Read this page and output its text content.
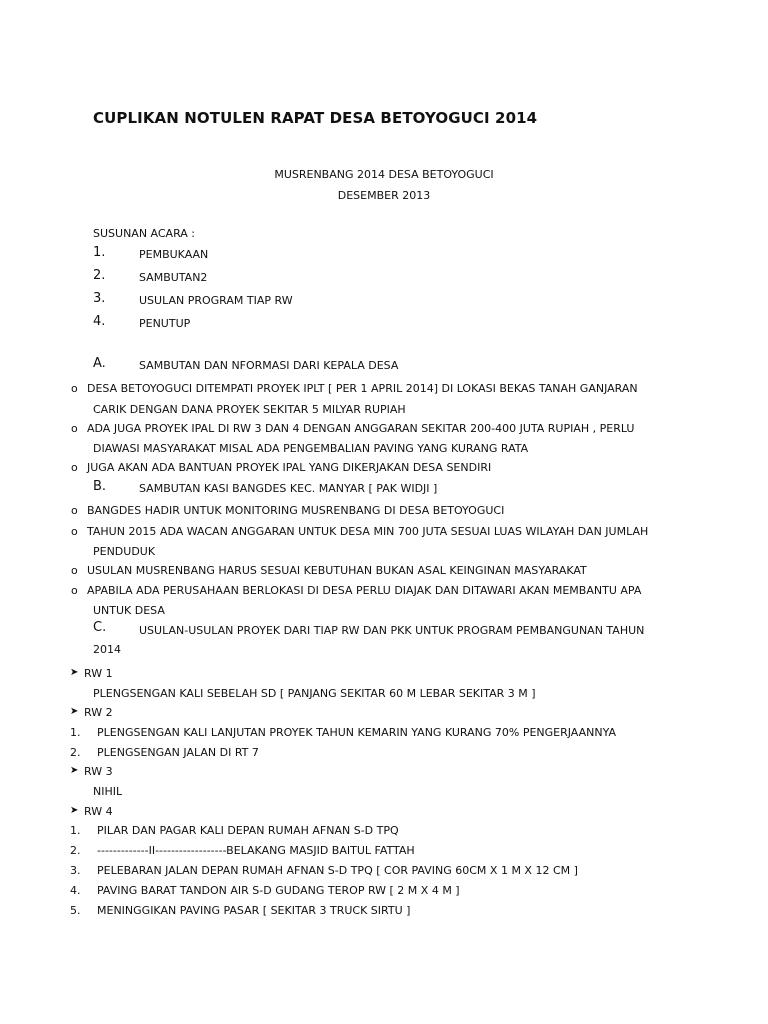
CUPLIKAN NOTULEN RAPAT DESA BETOYOGUCI 2014
MUSRENBANG 2014 DESA BETOYOGUCI
DESEMBER 2013
SUSUNAN ACARA :
1.	PEMBUKAAN
2.	SAMBUTAN2
3.	USULAN PROGRAM TIAP RW
4.	PENUTUP
A.	SAMBUTAN DAN NFORMASI DARI KEPALA DESA
o DESA BETOYOGUCI DITEMPATI PROYEK IPLT [ PER 1 APRIL 2014] DI LOKASI BEKAS TANAH GANJARAN
CARIK DENGAN DANA PROYEK SEKITAR 5 MILYAR RUPIAH
o ADA JUGA PROYEK IPAL DI RW 3 DAN 4 DENGAN ANGGARAN SEKITAR 200-400 JUTA RUPIAH , PERLU
DIAWASI MASYARAKAT MISAL ADA PENGEMBALIAN PAVING YANG KURANG RATA
o JUGA AKAN ADA BANTUAN PROYEK IPAL YANG DIKERJAKAN DESA SENDIRI
B.	SAMBUTAN KASI BANGDES KEC. MANYAR [ PAK WIDJI ]
o BANGDES HADIR UNTUK MONITORING MUSRENBANG DI DESA BETOYOGUCI
o TAHUN 2015 ADA WACAN ANGGARAN UNTUK DESA MIN 700 JUTA SESUAI LUAS WILAYAH DAN JUMLAH
PENDUDUK
o USULAN MUSRENBANG HARUS SESUAI KEBUTUHAN BUKAN ASAL KEINGINAN MASYARAKAT
o APABILA ADA PERUSAHAAN BERLOKASI DI DESA PERLU DIAJAK DAN DITAWARI AKAN MEMBANTU APA
UNTUK DESA
C.	USULAN-USULAN PROYEK DARI TIAP RW DAN PKK UNTUK PROGRAM PEMBANGUNAN TAHUN
2014
➤ RW 1
PLENGSENGAN KALI SEBELAH SD [ PANJANG SEKITAR 60 M LEBAR SEKITAR 3 M ]
➤ RW 2
1. PLENGSENGAN KALI LANJUTAN PROYEK TAHUN KEMARIN YANG KURANG 70% PENGERJAANNYA
2. PLENGSENGAN JALAN DI RT 7
➤ RW 3
NIHIL
➤ RW 4
1. PILAR DAN PAGAR KALI DEPAN RUMAH AFNAN S-D TPQ
2. -------------II------------------BELAKANG MASJID BAITUL FATTAH
3. PELEBARAN JALAN DEPAN RUMAH AFNAN S-D TPQ [ COR PAVING 60CM X 1 M X 12 CM ]
4. PAVING BARAT TANDON AIR S-D GUDANG TEROP RW [ 2 M X 4 M ]
5. MENINGGIKAN PAVING PASAR [ SEKITAR 3 TRUCK SIRTU ]
